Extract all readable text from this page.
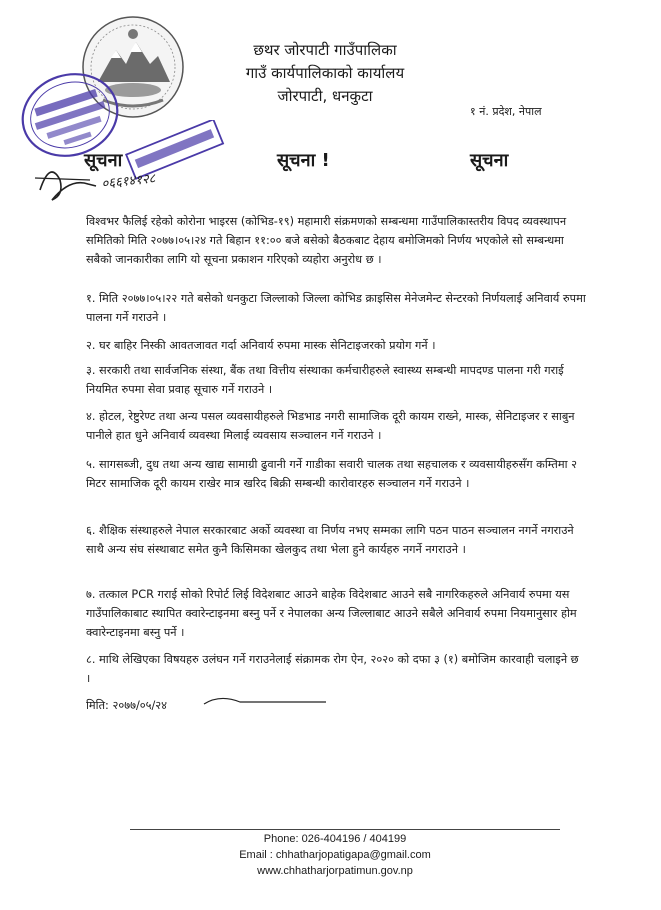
छथर जोरपाटी गाउँपालिका
गाउँ कार्यपालिकाको कार्यालय
जोरपाटी, धनकुटा
१ नं. प्रदेश, नेपाल
सूचना	सूचना !	सूचना
०६६१४१२८

विश्वभर फैलिई रहेको कोरोना भाइरस (कोभिड-१९) महामारी संक्रमणको सम्बन्धमा गाउँपालिकास्तरीय विपद व्यवस्थापन समितिको मिति २०७७।०५।२४ गते बिहान ११:०० बजे बसेको बैठकबाट देहाय बमोजिमको निर्णय भएकोले सो सम्बन्धमा सबैको जानकारीका लागि यो सूचना प्रकाशन गरिएको व्यहोरा अनुरोध छ ।

१. मिति २०७७।०५।२२ गते बसेको धनकुटा जिल्लाको जिल्ला कोभिड क्राइसिस मेनेजमेन्ट सेन्टरको निर्णयलाई अनिवार्य रुपमा पालना गर्ने गराउने ।

२. घर बाहिर निस्की आवतजावत गर्दा अनिवार्य रुपमा मास्क सेनिटाइजरको प्रयोग गर्ने ।

३. सरकारी तथा सार्वजनिक संस्था, बैंक तथा वित्तीय संस्थाका कर्मचारीहरुले स्वास्थ्य सम्बन्धी मापदण्ड पालना गरी गराई नियमित रुपमा सेवा प्रवाह सूचारु गर्ने गराउने ।

४. होटल, रेष्टुरेण्ट तथा अन्य पसल व्यवसायीहरुले भिडभाड नगरी सामाजिक दूरी कायम राख्ने, मास्क, सेनिटाइजर र साबुन पानीले हात धुने अनिवार्य व्यवस्था मिलाई व्यवसाय सञ्चालन गर्ने गराउने ।

५. सागसब्जी, दुध तथा अन्य खाद्य सामाग्री ढुवानी गर्ने गाडीका सवारी चालक तथा सहचालक र व्यवसायीहरुसँग कम्तिमा २ मिटर सामाजिक दूरी कायम राखेर मात्र खरिद बिक्री सम्बन्धी कारोवारहरु सञ्चालन गर्ने गराउने ।

६. शैक्षिक संस्थाहरुले नेपाल सरकारबाट अर्को व्यवस्था वा निर्णय नभए सम्मका लागि पठन पाठन सञ्चालन नगर्ने नगराउने साथै अन्य संघ संस्थाबाट समेत कुनै किसिमका खेलकुद तथा भेला हुने कार्यहरु नगर्ने नगराउने ।

७. तत्काल PCR गराई सोको रिपोर्ट लिई विदेशबाट आउने बाहेक विदेशबाट आउने सबै नागरिकहरुले अनिवार्य रुपमा यस गाउँपालिकाबाट स्थापित क्वारेन्टाइनमा बस्नु पर्ने र नेपालका अन्य जिल्लाबाट आउने सबैले अनिवार्य रुपमा नियमानुसार होम क्वारेन्टाइनमा बस्नु पर्ने ।

८. माथि लेखिएका विषयहरु उलंघन गर्ने गराउनेलाई संक्रामक रोग ऐन, २०२० को दफा ३ (१) बमोजिम कारवाही चलाइने छ ।

मिति: २०७७/०५/२४
Phone: 026-404196 / 404199
Email : chhatharjopatigapa@gmail.com
www.chhatharjorpatimun.gov.np
